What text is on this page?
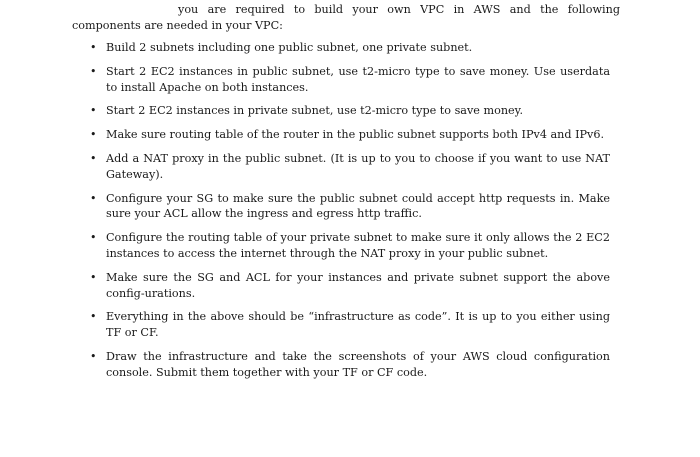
you are required to build your own VPC in AWS and the following components are needed in your VPC:

• Build 2 subnets including one public subnet, one private subnet.
• Start 2 EC2 instances in public subnet, use t2-micro type to save money. Use userdata to install Apache on both instances.
• Start 2 EC2 instances in private subnet, use t2-micro type to save money.
• Make sure routing table of the router in the public subnet supports both IPv4 and IPv6.
• Add a NAT proxy in the public subnet. (It is up to you to choose if you want to use NAT Gateway).
• Configure your SG to make sure the public subnet could accept http requests in. Make sure your ACL allow the ingress and egress http traffic.
• Configure the routing table of your private subnet to make sure it only allows the 2 EC2 instances to access the internet through the NAT proxy in your public subnet.
• Make sure the SG and ACL for your instances and private subnet support the above config-urations.
• Everything in the above should be “infrastructure as code”. It is up to you either using TF or CF.
• Draw the infrastructure and take the screenshots of your AWS cloud configuration console. Submit them together with your TF or CF code.
